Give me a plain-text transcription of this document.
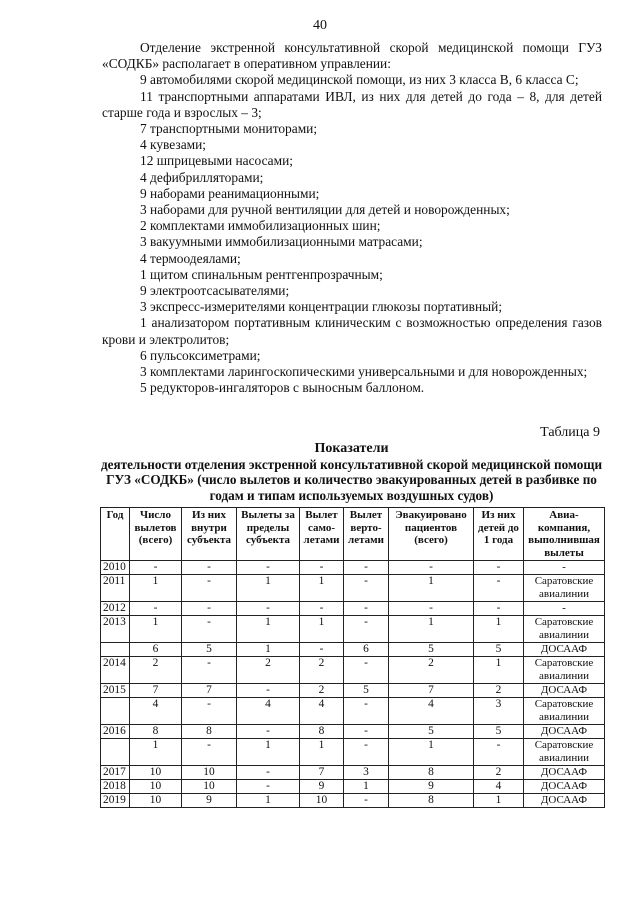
40

Отделение экстренной консультативной скорой медицинской помощи ГУЗ «СОДКБ» располагает в оперативном управлении:

9 автомобилями скорой медицинской помощи, из них 3 класса В, 6 класса С;

11 транспортными аппаратами ИВЛ, из них для детей до года – 8, для детей старше года и взрослых – 3;

7 транспортными мониторами;

4 кувезами;

12 шприцевыми насосами;

4 дефибрилляторами;

9 наборами реанимационными;

3 наборами для ручной вентиляции для детей и новорожденных;

2 комплектами иммобилизационных шин;

3 вакуумными иммобилизационными матрасами;

4 термоодеялами;

1 щитом спинальным рентгенпрозрачным;

9 электроотсасывателями;

3 экспресс-измерителями концентрации глюкозы портативный;

1 анализатором портативным клиническим с возможностью определения газов крови и электролитов;

6 пульсоксиметрами;

3 комплектами ларингоскопическими универсальными и для новорожденных;

5 редукторов-ингаляторов с выносным баллоном.

Таблица 9
Показатели
деятельности отделения экстренной консультативной скорой медицинской помощи ГУЗ «СОДКБ» (число вылетов и количество эвакуированных детей в разбивке по годам и типам используемых воздушных судов)
Год	Число вылетов (всего)	Из них внутри субъекта	Вылеты за пределы субъекта	Вылет само-летами	Вылет верто-летами	Эвакуировано пациентов (всего)	Из них детей до 1 года	Авиа-компания, выполнившая вылеты
2010	-	-	-	-	-	-	-	-
2011	1	-	1	1	-	1	-	Саратовские авиалинии
2012	-	-	-	-	-	-	-	-
2013	1	-	1	1	-	1	1	Саратовские авиалинии
	6	5	1	-	6	5	5	ДОСААФ
2014	2	-	2	2	-	2	1	Саратовские авиалинии
2015	7	7	-	2	5	7	2	ДОСААФ
	4	-	4	4	-	4	3	Саратовские авиалинии
2016	8	8	-	8	-	5	5	ДОСААФ
	1	-	1	1	-	1	-	Саратовские авиалинии
2017	10	10	-	7	3	8	2	ДОСААФ
2018	10	10	-	9	1	9	4	ДОСААФ
2019	10	9	1	10	-	8	1	ДОСААФ
